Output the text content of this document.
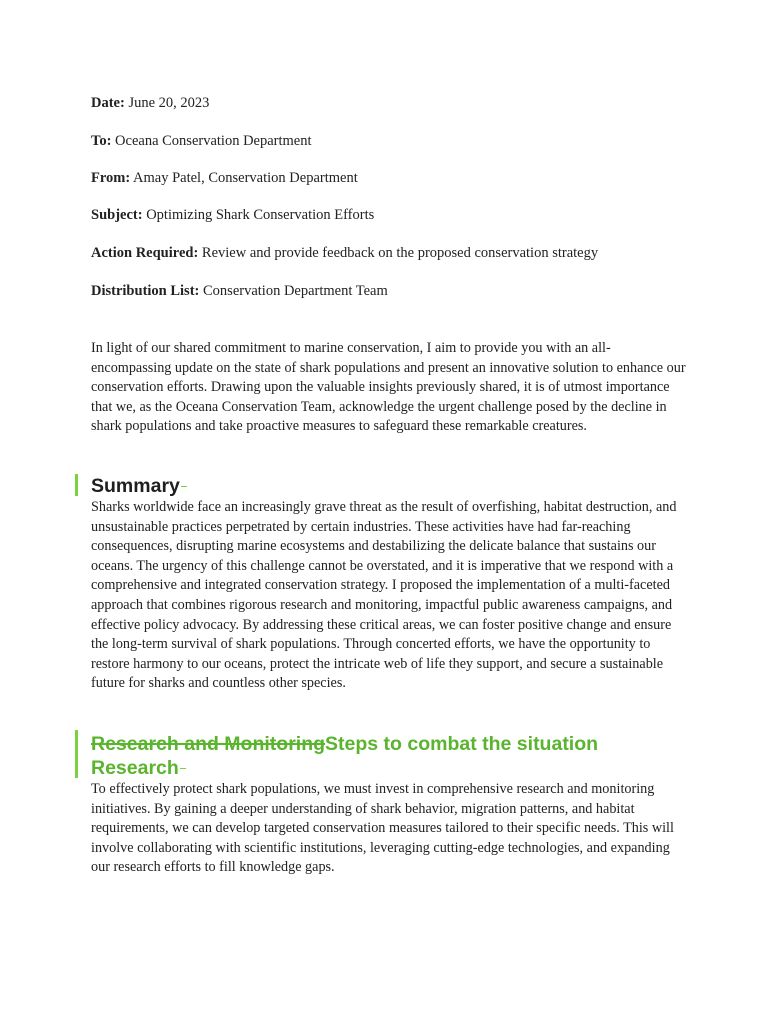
Date: June 20, 2023
To: Oceana Conservation Department
From: Amay Patel, Conservation Department
Subject: Optimizing Shark Conservation Efforts
Action Required: Review and provide feedback on the proposed conservation strategy
Distribution List: Conservation Department Team

In light of our shared commitment to marine conservation, I aim to provide you with an all-encompassing update on the state of shark populations and present an innovative solution to enhance our conservation efforts. Drawing upon the valuable insights previously shared, it is of utmost importance that we, as the Oceana Conservation Team, acknowledge the urgent challenge posed by the decline in shark populations and take proactive measures to safeguard these remarkable creatures.

Summary

Sharks worldwide face an increasingly grave threat as the result of overfishing, habitat destruction, and unsustainable practices perpetrated by certain industries. These activities have had far-reaching consequences, disrupting marine ecosystems and destabilizing the delicate balance that sustains our oceans. The urgency of this challenge cannot be overstated, and it is imperative that we respond with a comprehensive and integrated conservation strategy. I proposed the implementation of a multi-faceted approach that combines rigorous research and monitoring, impactful public awareness campaigns, and effective policy advocacy. By addressing these critical areas, we can foster positive change and ensure the long-term survival of shark populations. Through concerted efforts, we have the opportunity to restore harmony to our oceans, protect the intricate web of life they support, and secure a sustainable future for sharks and countless other species.

Research and MonitoringSteps to combat the situation
Research

To effectively protect shark populations, we must invest in comprehensive research and monitoring initiatives. By gaining a deeper understanding of shark behavior, migration patterns, and habitat requirements, we can develop targeted conservation measures tailored to their specific needs. This will involve collaborating with scientific institutions, leveraging cutting-edge technologies, and expanding our research efforts to fill knowledge gaps.
